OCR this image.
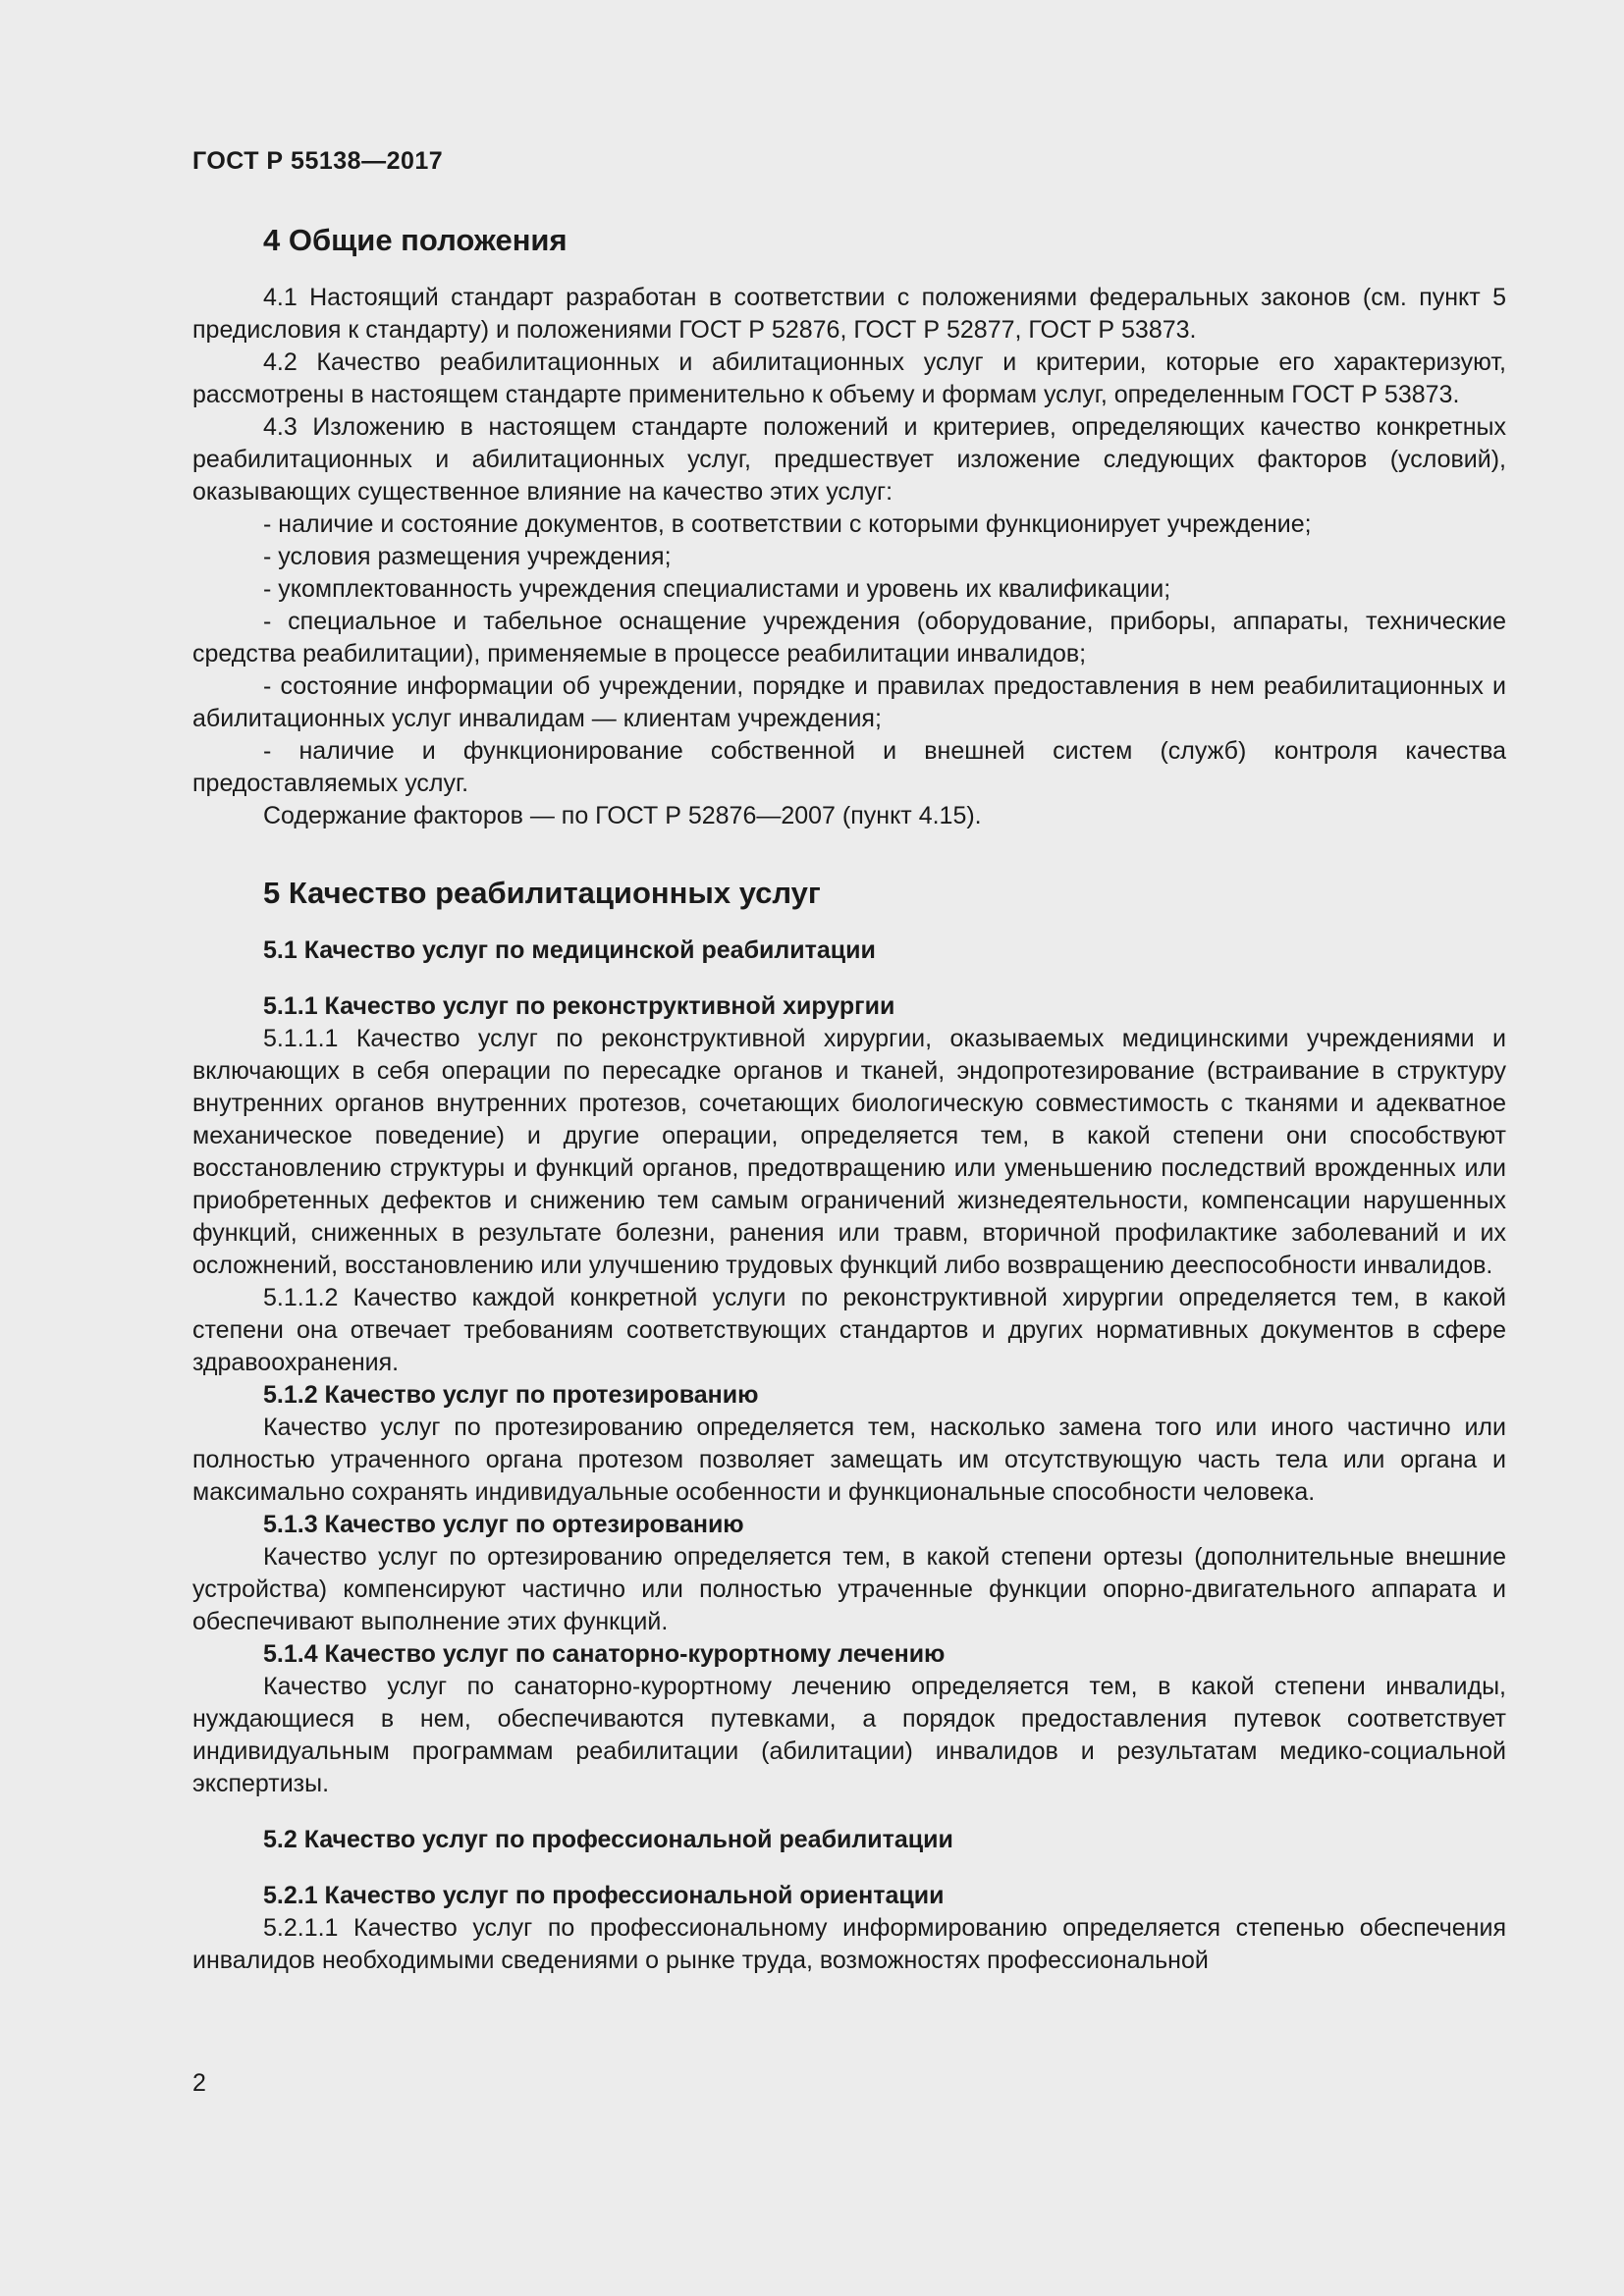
ГОСТ Р 55138—2017
4 Общие положения

4.1 Настоящий стандарт разработан в соответствии с положениями федеральных законов (см. пункт 5 предисловия к стандарту) и положениями ГОСТ Р 52876, ГОСТ Р 52877, ГОСТ Р 53873.

4.2 Качество реабилитационных и абилитационных услуг и критерии, которые его характеризуют, рассмотрены в настоящем стандарте применительно к объему и формам услуг, определенным ГОСТ Р 53873.

4.3 Изложению в настоящем стандарте положений и критериев, определяющих качество конкретных реабилитационных и абилитационных услуг, предшествует изложение следующих факторов (условий), оказывающих существенное влияние на качество этих услуг:

- наличие и состояние документов, в соответствии с которыми функционирует учреждение;

- условия размещения учреждения;

- укомплектованность учреждения специалистами и уровень их квалификации;

- специальное и табельное оснащение учреждения (оборудование, приборы, аппараты, технические средства реабилитации), применяемые в процессе реабилитации инвалидов;

- состояние информации об учреждении, порядке и правилах предоставления в нем реабилитационных и абилитационных услуг инвалидам — клиентам учреждения;

- наличие и функционирование собственной и внешней систем (служб) контроля качества предоставляемых услуг.

Содержание факторов — по ГОСТ Р 52876—2007 (пункт 4.15).

5 Качество реабилитационных услуг
5.1 Качество услуг по медицинской реабилитации
5.1.1 Качество услуг по реконструктивной хирургии

5.1.1.1 Качество услуг по реконструктивной хирургии, оказываемых медицинскими учреждениями и включающих в себя операции по пересадке органов и тканей, эндопротезирование (встраивание в структуру внутренних органов внутренних протезов, сочетающих биологическую совместимость с тканями и адекватное механическое поведение) и другие операции, определяется тем, в какой степени они способствуют восстановлению структуры и функций органов, предотвращению или уменьшению последствий врожденных или приобретенных дефектов и снижению тем самым ограничений жизнедеятельности, компенсации нарушенных функций, сниженных в результате болезни, ранения или травм, вторичной профилактике заболеваний и их осложнений, восстановлению или улучшению трудовых функций либо возвращению дееспособности инвалидов.

5.1.1.2 Качество каждой конкретной услуги по реконструктивной хирургии определяется тем, в какой степени она отвечает требованиям соответствующих стандартов и других нормативных документов в сфере здравоохранения.

5.1.2 Качество услуг по протезированию

Качество услуг по протезированию определяется тем, насколько замена того или иного частично или полностью утраченного органа протезом позволяет замещать им отсутствующую часть тела или органа и максимально сохранять индивидуальные особенности и функциональные способности человека.

5.1.3 Качество услуг по ортезированию

Качество услуг по ортезированию определяется тем, в какой степени ортезы (дополнительные внешние устройства) компенсируют частично или полностью утраченные функции опорно-двигательного аппарата и обеспечивают выполнение этих функций.

5.1.4 Качество услуг по санаторно-курортному лечению

Качество услуг по санаторно-курортному лечению определяется тем, в какой степени инвалиды, нуждающиеся в нем, обеспечиваются путевками, а порядок предоставления путевок соответствует индивидуальным программам реабилитации (абилитации) инвалидов и результатам медико-социальной экспертизы.

5.2 Качество услуг по профессиональной реабилитации
5.2.1 Качество услуг по профессиональной ориентации

5.2.1.1 Качество услуг по профессиональному информированию определяется степенью обеспечения инвалидов необходимыми сведениями о рынке труда, возможностях профессиональной

2
